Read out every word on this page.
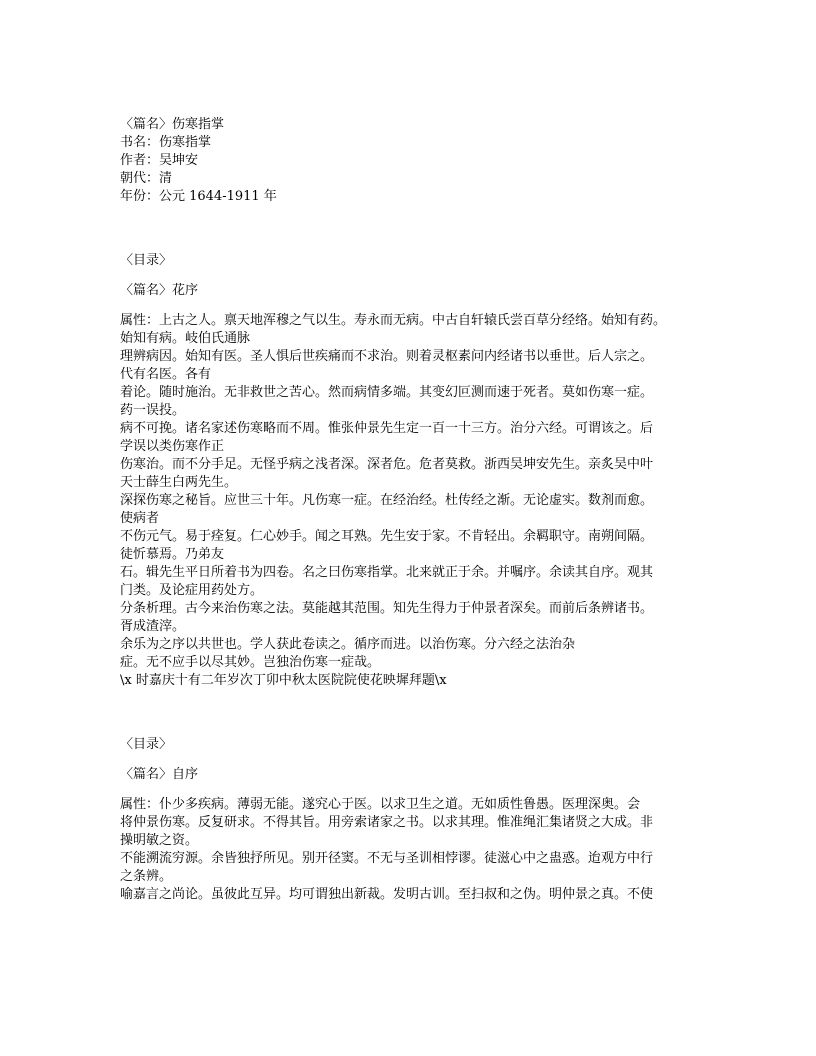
〈篇名〉伤寒指掌

书名：伤寒指掌

作者：吴坤安

朝代：清

年份：公元 1644-1911 年

〈目录〉

〈篇名〉花序

属性：上古之人。禀天地浑穆之气以生。寿永而无病。中古自轩辕氏尝百草分经络。始知有药。

始知有病。岐伯氏通脉

理辨病因。始知有医。圣人惧后世疾痛而不求治。则着灵枢素问内经诸书以垂世。后人宗之。

代有名医。各有

着论。随时施治。无非救世之苦心。然而病情多端。其变幻叵测而速于死者。莫如伤寒一症。

药一误投。

病不可挽。诸名家述伤寒略而不周。惟张仲景先生定一百一十三方。治分六经。可谓该之。后

学误以类伤寒作正

伤寒治。而不分手足。无怪乎病之浅者深。深者危。危者莫救。浙西吴坤安先生。亲炙吴中叶

天士薛生白两先生。

深探伤寒之秘旨。应世三十年。凡伤寒一症。在经治经。杜传经之渐。无论虚实。数剂而愈。

使病者

不伤元气。易于痊复。仁心妙手。闻之耳熟。先生安于家。不肯轻出。余羁职守。南朔间隔。

徒忻慕焉。乃弟友

石。辑先生平日所着书为四卷。名之曰伤寒指掌。北来就正于余。并嘱序。余读其自序。观其

门类。及论症用药处方。

分条析理。古今来治伤寒之法。莫能越其范围。知先生得力于仲景者深矣。而前后条辨诸书。

胥成渣滓。

余乐为之序以共世也。学人获此卷读之。循序而进。以治伤寒。分六经之法治杂

症。无不应手以尽其妙。岂独治伤寒一症哉。

\x 时嘉庆十有二年岁次丁卯中秋太医院院使花映墀拜题\x

〈目录〉

〈篇名〉自序

属性：仆少多疾病。薄弱无能。遂究心于医。以求卫生之道。无如质性鲁愚。医理深奥。会

将仲景伤寒。反复研求。不得其旨。用旁索诸家之书。以求其理。惟准绳汇集诸贤之大成。非

操明敏之资。

不能溯流穷源。余皆独抒所见。别开径窦。不无与圣训相悖谬。徒滋心中之蛊惑。迨观方中行

之条辨。

喻嘉言之尚论。虽彼此互异。均可谓独出新裁。发明古训。至扫叔和之伪。明仲景之真。不使
